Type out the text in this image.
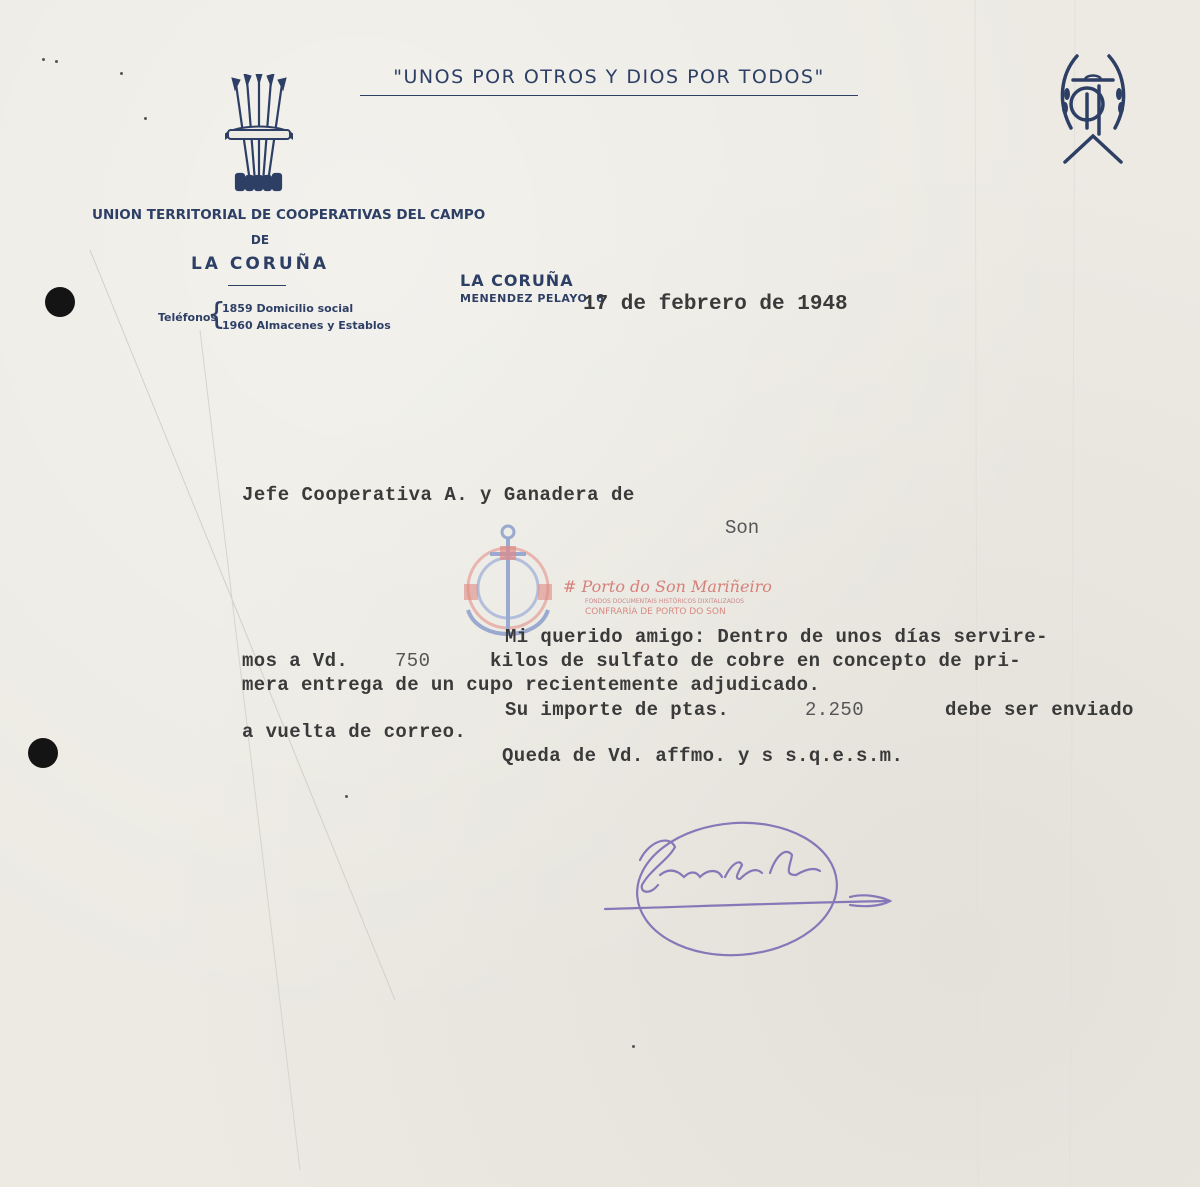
"UNOS POR OTROS Y DIOS POR TODOS"
UNION TERRITORIAL DE COOPERATIVAS DEL CAMPO
DE
LA CORUÑA
Teléfonos
{
1859 Domicilio social
1960 Almacenes y Establos
LA CORUÑA
MENENDEZ PELAYO, 6
17 de febrero de 1948
Jefe Cooperativa A. y Ganadera de
Son
# Porto do Son Mariñeiro
FONDOS DOCUMENTAIS HISTÓRICOS DIXITALIZADOS
CONFRARÍA DE PORTO DO SON
Mi querido amigo: Dentro de unos días servire-
mos a Vd. 750	kilos de sulfato de cobre en concepto de pri-
mera entrega de un cupo recientemente adjudicado.
Su importe de ptas.	2.250	debe ser enviado
a vuelta de correo.
Queda de Vd. affmo. y s s.q.e.s.m.
